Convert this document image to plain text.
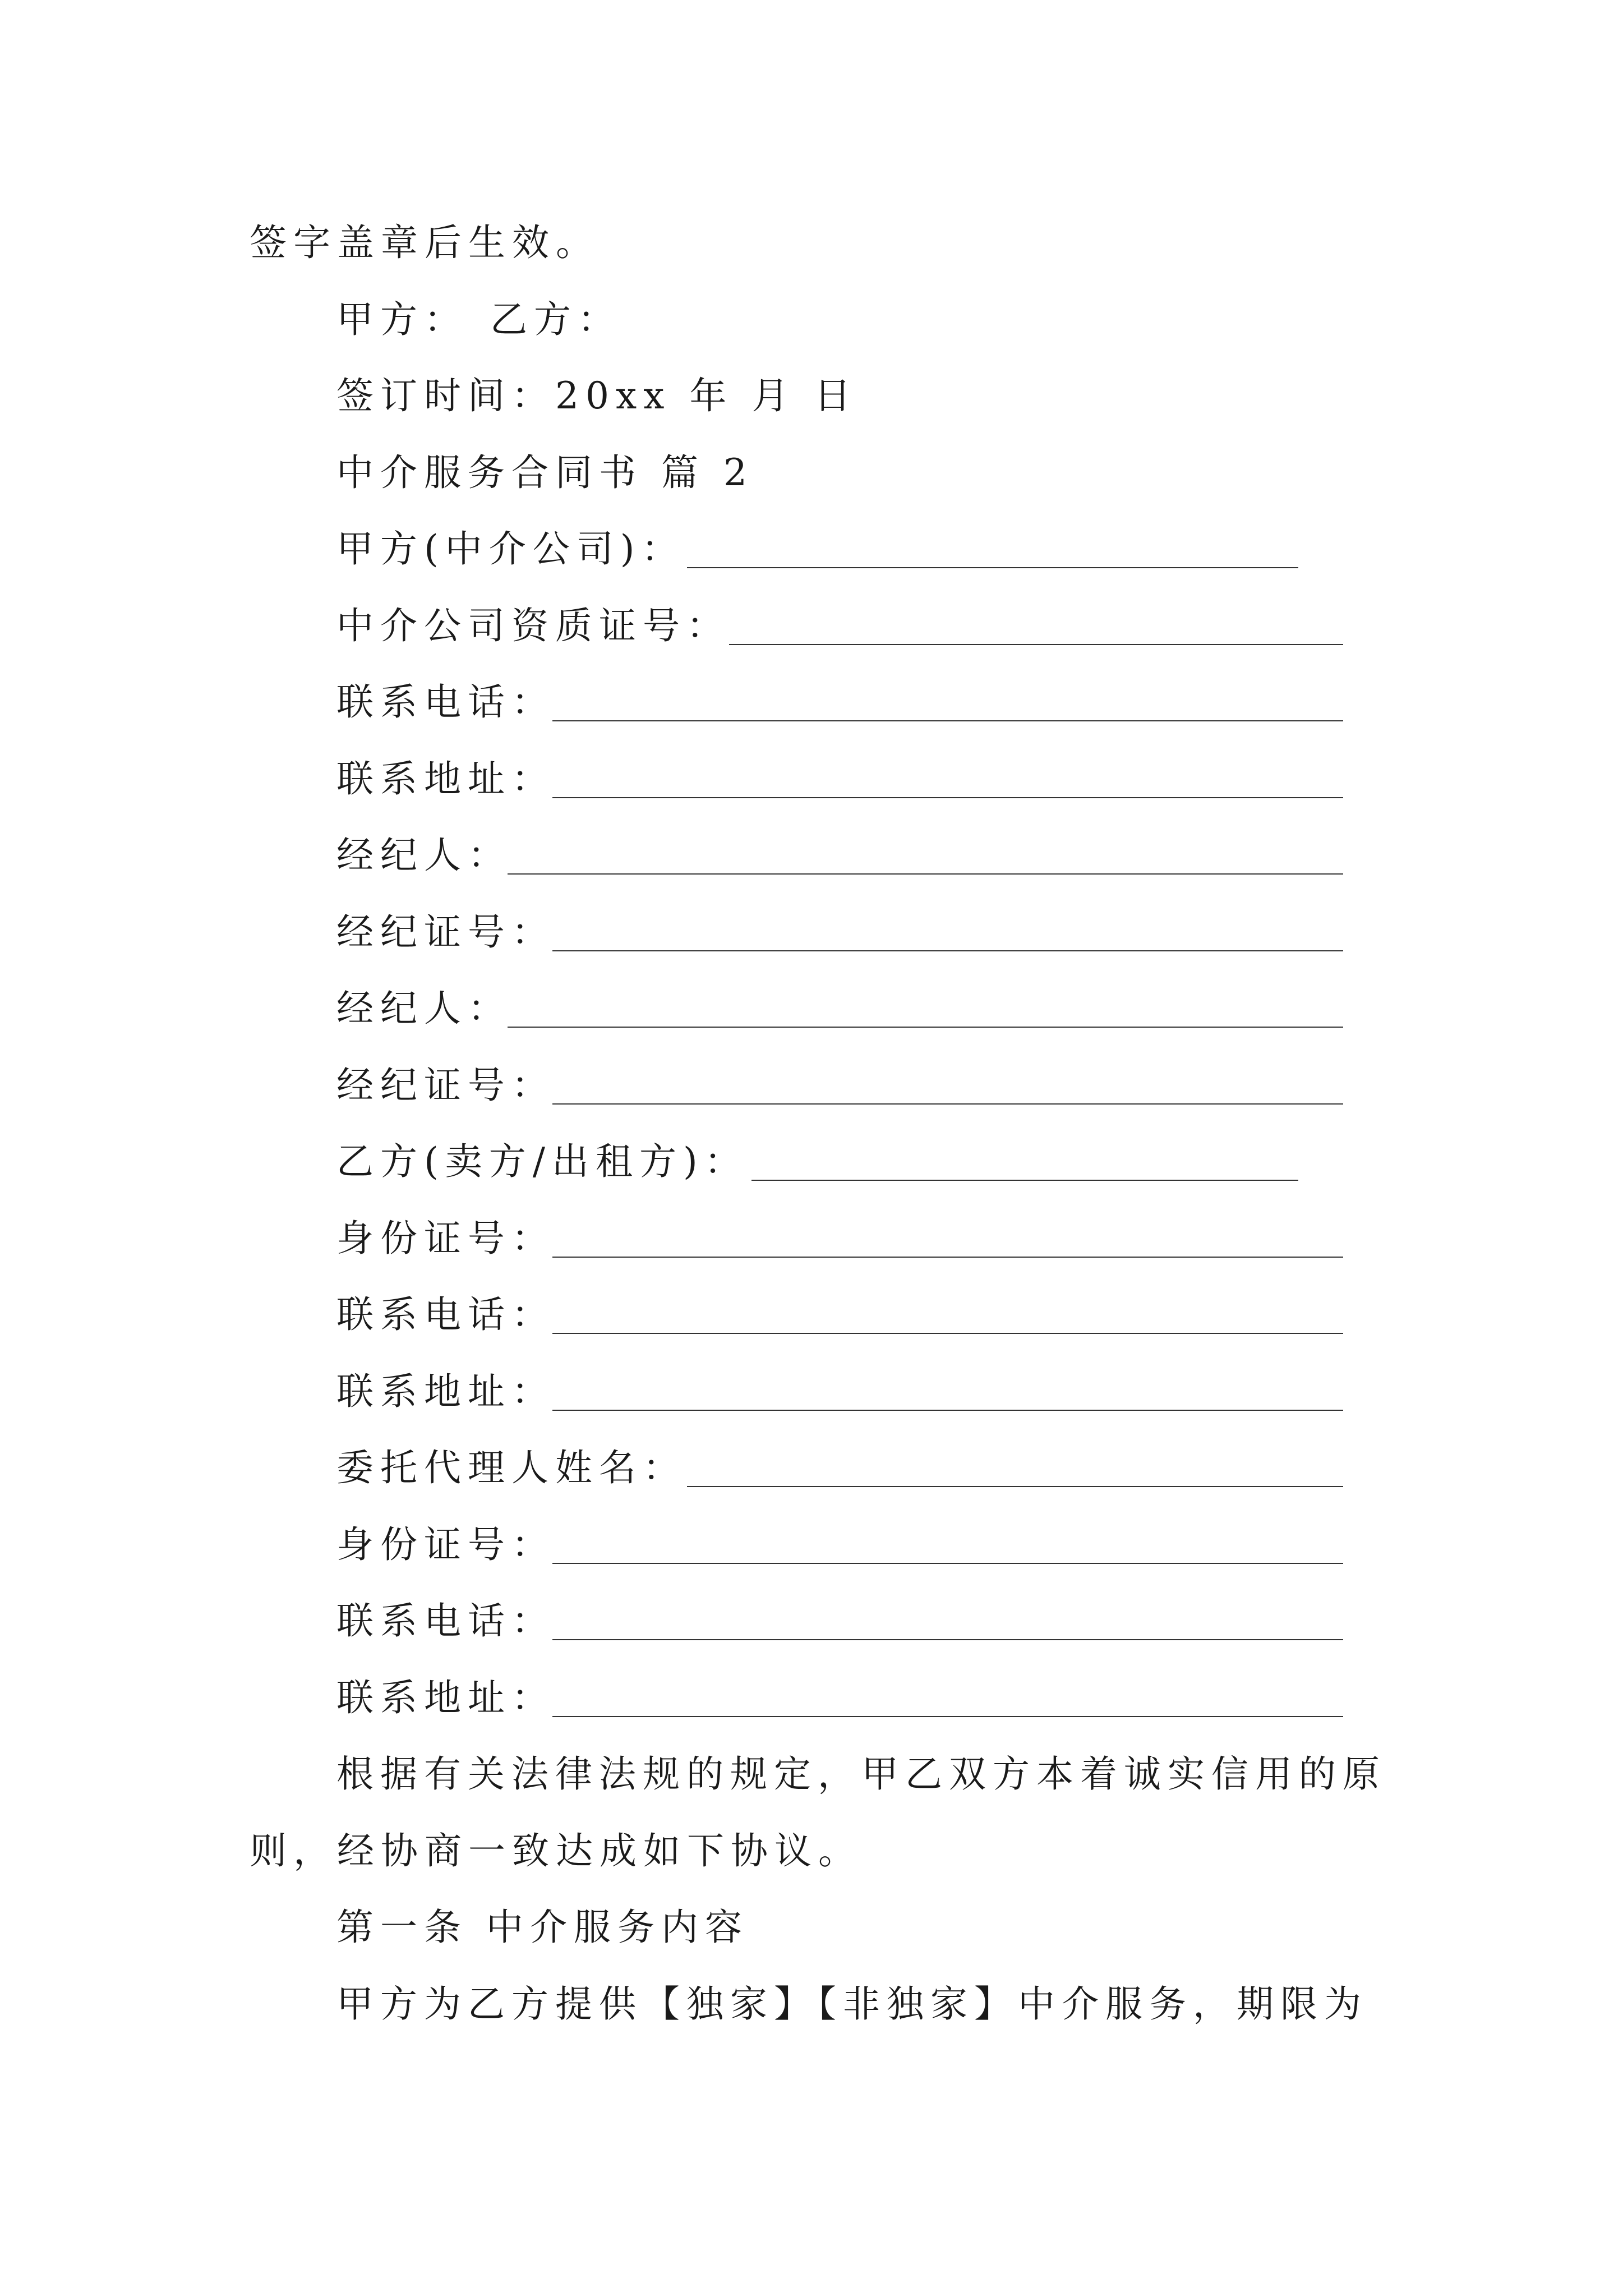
签字盖章后生效。
甲方： 乙方：
签订时间：20xx 年 月 日
中介服务合同书 篇 2
甲方(中介公司)：
中介公司资质证号：
联系电话：
联系地址：
经纪人：
经纪证号：
经纪人：
经纪证号：
乙方(卖方/出租方)：
身份证号：
联系电话：
联系地址：
委托代理人姓名：
身份证号：
联系电话：
联系地址：
根据有关法律法规的规定，甲乙双方本着诚实信用的原
则，经协商一致达成如下协议。
第一条 中介服务内容
甲方为乙方提供【独家】【非独家】中介服务，期限为
